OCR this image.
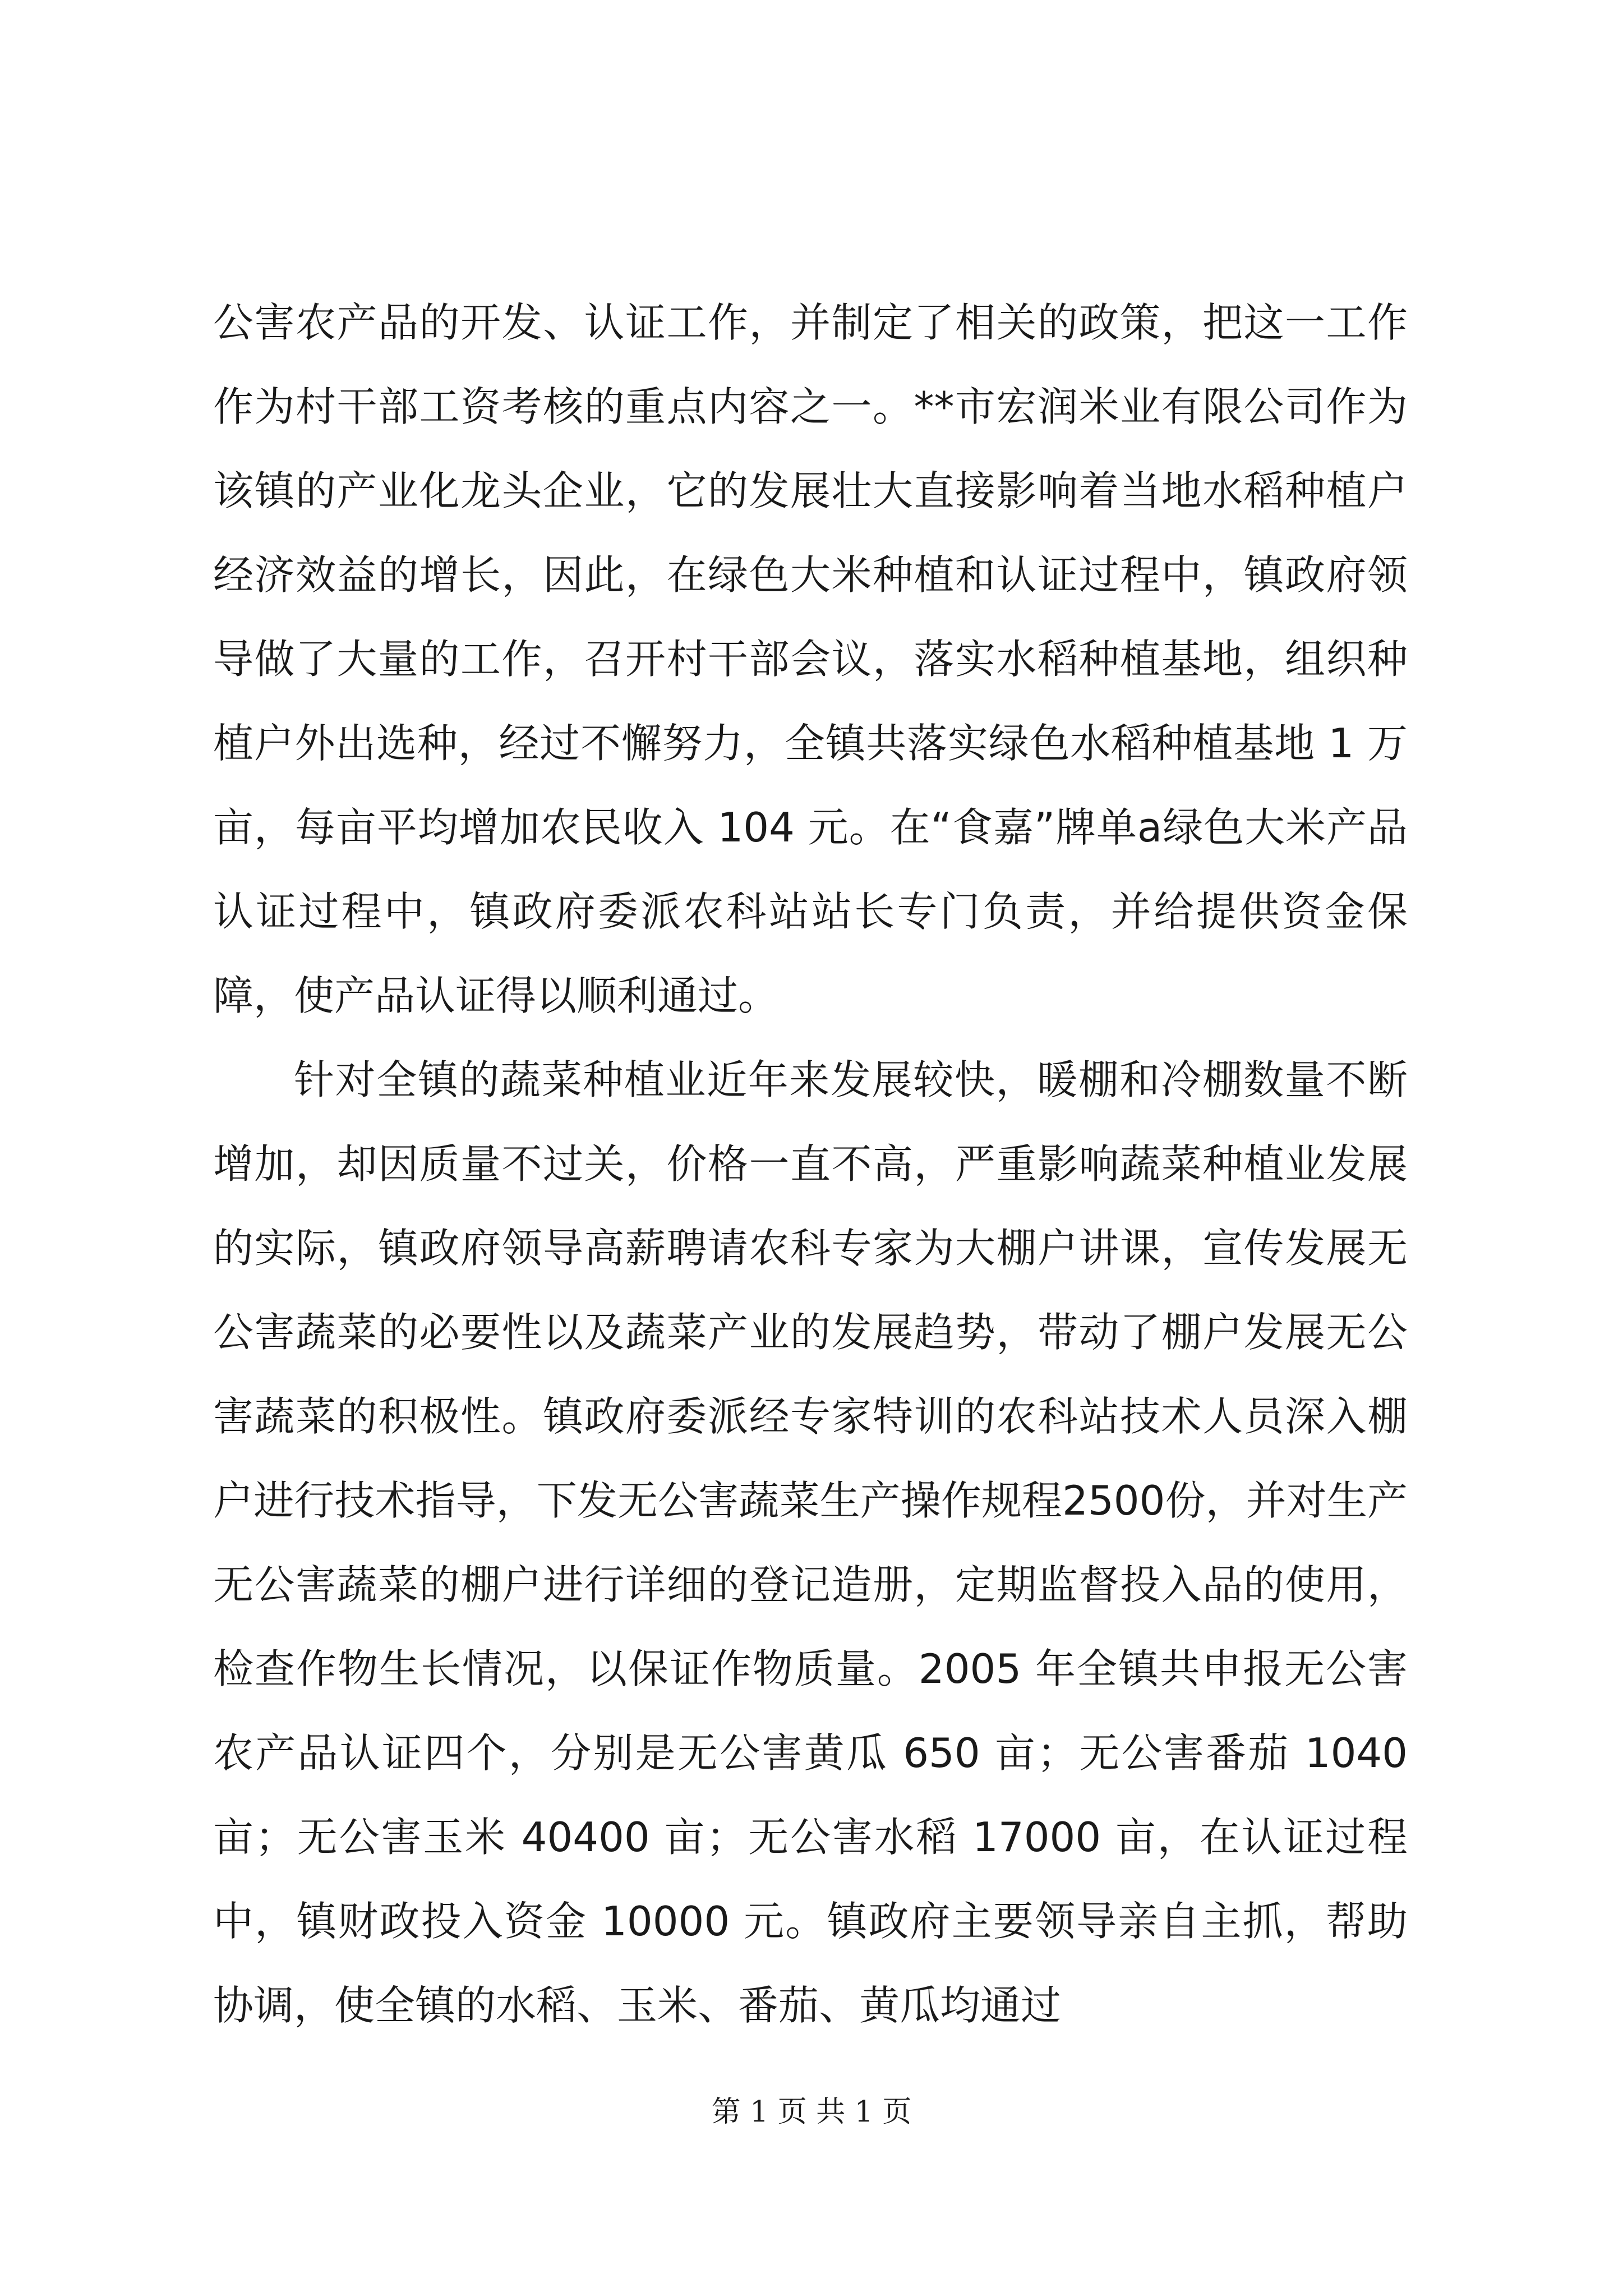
公害农产品的开发、认证工作，并制定了相关的政策，把这一工作作为村干部工资考核的重点内容之一。**市宏润米业有限公司作为该镇的产业化龙头企业，它的发展壮大直接影响着当地水稻种植户经济效益的增长，因此，在绿色大米种植和认证过程中，镇政府领导做了大量的工作，召开村干部会议，落实水稻种植基地，组织种植户外出选种，经过不懈努力，全镇共落实绿色水稻种植基地 1 万亩，每亩平均增加农民收入 104 元。在“食嘉”牌单a绿色大米产品认证过程中，镇政府委派农科站站长专门负责，并给提供资金保障，使产品认证得以顺利通过。

针对全镇的蔬菜种植业近年来发展较快，暖棚和冷棚数量不断增加，却因质量不过关，价格一直不高，严重影响蔬菜种植业发展的实际，镇政府领导高薪聘请农科专家为大棚户讲课，宣传发展无公害蔬菜的必要性以及蔬菜产业的发展趋势，带动了棚户发展无公害蔬菜的积极性。镇政府委派经专家特训的农科站技术人员深入棚户进行技术指导，下发无公害蔬菜生产操作规程2500份，并对生产无公害蔬菜的棚户进行详细的登记造册，定期监督投入品的使用，检查作物生长情况，以保证作物质量。2005 年全镇共申报无公害农产品认证四个，分别是无公害黄瓜 650 亩；无公害番茄 1040 亩；无公害玉米 40400 亩；无公害水稻 17000 亩，在认证过程中，镇财政投入资金 10000 元。镇政府主要领导亲自主抓，帮助协调，使全镇的水稻、玉米、番茄、黄瓜均通过

第 1 页 共 1 页
